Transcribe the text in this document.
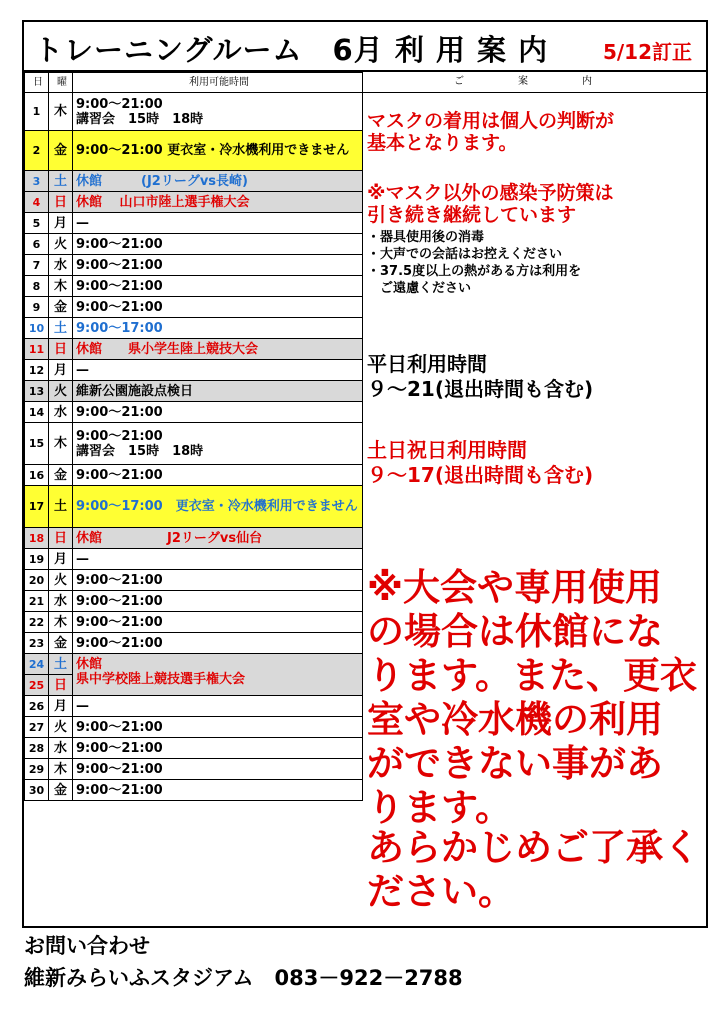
トレーニングルーム　6月 利 用 案 内	5/12訂正
日	曜	利用可能時間
1	木	9:00～21:00
講習会　15時　18時
2	金	9:00～21:00 更衣室・冷水機利用できません
3	土	休館　　　(J2リーグvs長崎)
4	日	休館　 山口市陸上選手権大会
5	月	—
6	火	9:00～21:00
7	水	9:00～21:00
8	木	9:00～21:00
9	金	9:00～21:00
10	土	9:00～17:00
11	日	休館　　県小学生陸上競技大会
12	月	—
13	火	維新公園施設点検日
14	水	9:00～21:00
15	木	9:00～21:00
講習会　15時　18時
16	金	9:00～21:00
17	土	9:00～17:00　更衣室・冷水機利用できません
18	日	休館　　　　　J2リーグvs仙台
19	月	—
20	火	9:00～21:00
21	水	9:00～21:00
22	木	9:00～21:00
23	金	9:00～21:00
24	土	休館
県中学校陸上競技選手権大会
25	日	
26	月	—
27	火	9:00～21:00
28	水	9:00～21:00
29	木	9:00～21:00
30	金	9:00～21:00
ご　案　内
マスクの着用は個人の判断が
基本となります。
※マスク以外の感染予防策は
引き続き継続しています
・器具使用後の消毒
・大声での会話はお控えください
・37.5度以上の熱がある方は利用を
　ご遠慮ください
平日利用時間
９～21(退出時間も含む)
土日祝日利用時間
９～17(退出時間も含む)
※大会や専用使用
の場合は休館にな
ります。また、更衣
室や冷水機の利用
ができない事があ
ります。
あらかじめご了承く
ださい。
お問い合わせ
維新みらいふスタジアム　083－922－2788
